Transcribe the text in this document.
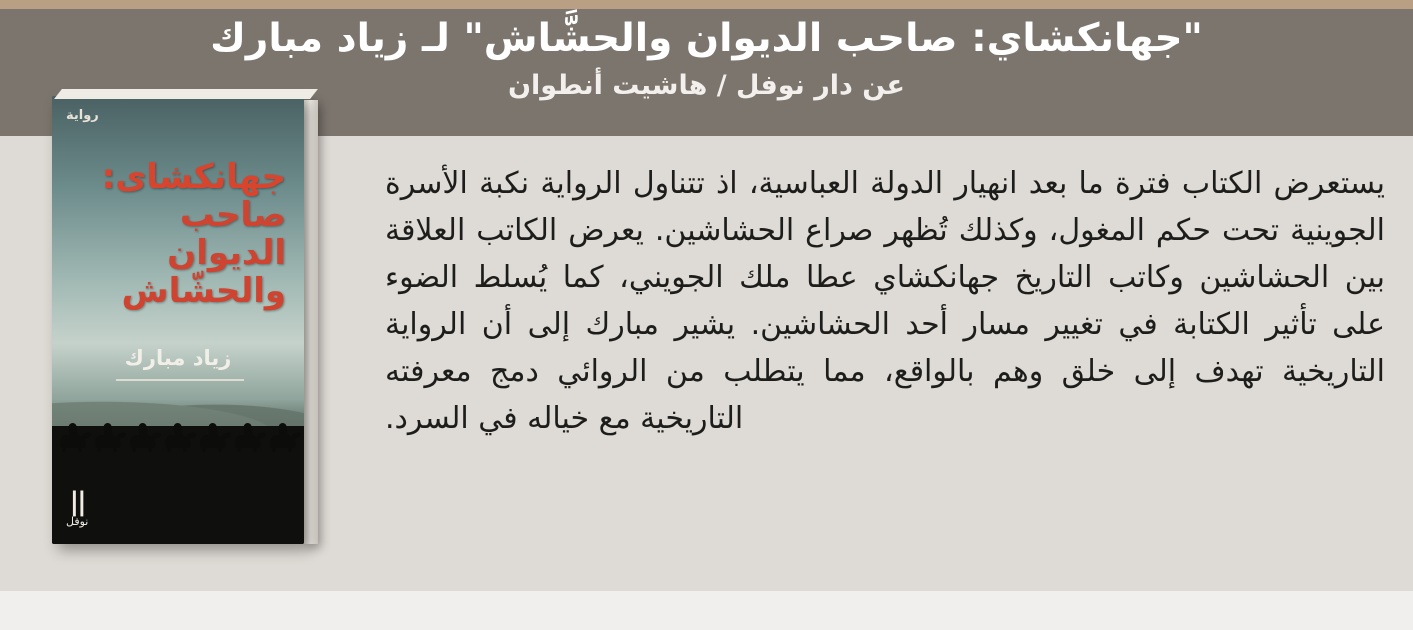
"جهانكشاي: صاحب الديوان والحشَّاش" لـ زياد مبارك
عن دار نوفل / هاشيت أنطوان
يستعرض الكتاب فترة ما بعد انهيار الدولة العباسية، اذ تتناول الرواية نكبة الأسرة الجوينية تحت حكم المغول، وكذلك تُظهر صراع الحشاشين. يعرض الكاتب العلاقة بين الحشاشين وكاتب التاريخ جهانكشاي عطا ملك الجويني، كما يُسلط الضوء على تأثير الكتابة في تغيير مسار أحد الحشاشين. يشير مبارك إلى أن الرواية التاريخية تهدف إلى خلق وهم بالواقع، مما يتطلب من الروائي دمج معرفته التاريخية مع خياله في السرد.
رواية
جهانكشاى:
صاحب
الديوان
والحشّاش
زياد مبارك
||
نوفل
